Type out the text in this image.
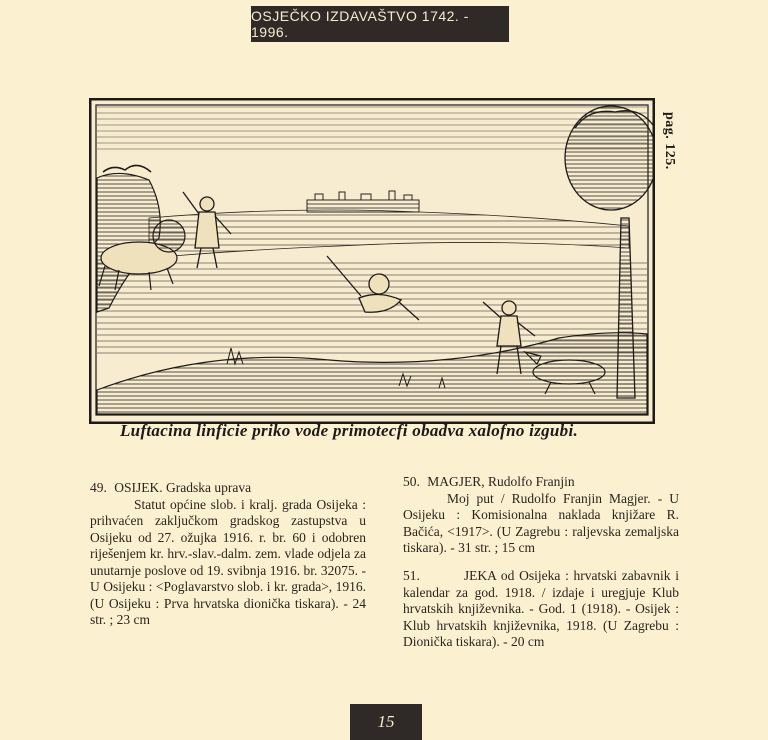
OSJEČKO IZDAVAŠTVO 1742. - 1996.
pag. 125.
Luftacina linficie priko vode primotecfi obadva xalofno izgubi.
49. OSIJEK. Gradska uprava
Statut općine slob. i kralj. grada Osijeka : prihvaćen zaključkom gradskog zastupstva u Osijeku od 27. ožujka 1916. r. br. 60 i odobren riješenjem kr. hrv.-slav.-dalm. zem. vlade odjela za unutarnje poslove od 19. svibnja 1916. br. 32075. - U Osijeku : <Poglavarstvo slob. i kr. grada>, 1916. (U Osijeku : Prva hrvatska dionička tiskara). - 24 str. ; 23 cm
50. MAGJER, Rudolfo Franjin
Moj put / Rudolfo Franjin Magjer. - U Osijeku : Komisionalna naklada knjižare R. Bačića, <1917>. (U Zagrebu : raljevska zemaljska tiskara). - 31 str. ; 15 cm
51.	JEKA od Osijeka : hrvatski zabavnik i kalendar za god. 1918. / izdaje i uregjuje Klub hrvatskih književnika. - God. 1 (1918). - Osijek : Klub hrvatskih književnika, 1918. (U Zagrebu : Dionička tiskara). - 20 cm
15
